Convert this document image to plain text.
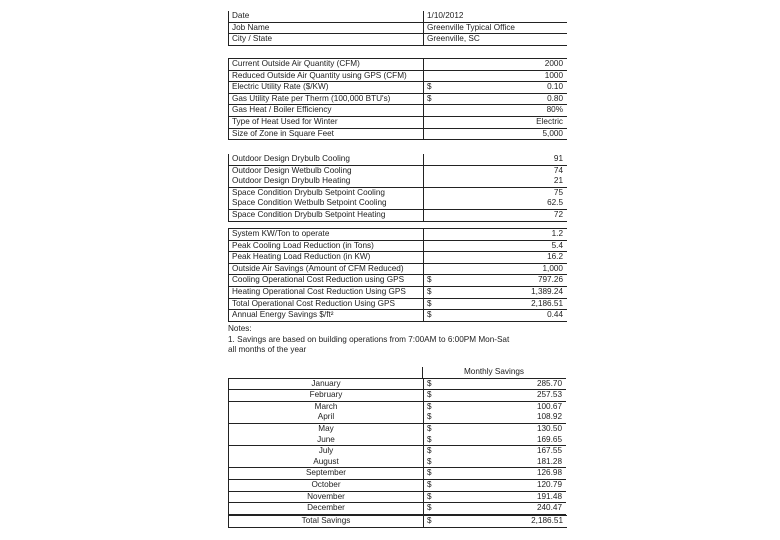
Date	1/10/2012
Job Name	Greenville Typical Office
City / State	Greenville, SC
Current Outside Air Quantity (CFM)	2000
Reduced Outside Air Quantity using GPS (CFM)	1000
Electric Utility Rate ($/KW)	$	0.10
Gas Utility Rate per Therm (100,000 BTU's)	$	0.80
Gas Heat / Boiler Efficiency	80%
Type of Heat Used for Winter	Electric
Size of Zone in Square Feet	5,000
Outdoor Design Drybulb Cooling	91
Outdoor Design Wetbulb Cooling	74
Outdoor Design Drybulb Heating	21
Space Condition Drybulb Setpoint Cooling	75
Space Condition Wetbulb Setpoint Cooling	62.5
Space Condition Drybulb Setpoint Heating	72
System KW/Ton to operate	1.2
Peak Cooling Load Reduction (in Tons)	5.4
Peak Heating Load Reduction (in KW)	16.2
Outside Air Savings (Amount of CFM Reduced)	1,000
Cooling Operational Cost Reduction using GPS	$	797.26
Heating Operational Cost Reduction Using GPS	$	1,389.24
Total Operational Cost Reduction Using GPS	$	2,186.51
Annual Energy Savings $/ft²	$	0.44
Monthly Savings
January	$	285.70
February	$	257.53
March	$	100.67
April	$	108.92
May	$	130.50
June	$	169.65
July	$	167.55
August	$	181.28
September	$	126.98
October	$	120.79
November	$	191.48
December	$	240.47
Total Savings	$	2,186.51
Notes:
1. Savings are based on building operations from 7:00AM to 6:00PM Mon-Sat
all months of the year
